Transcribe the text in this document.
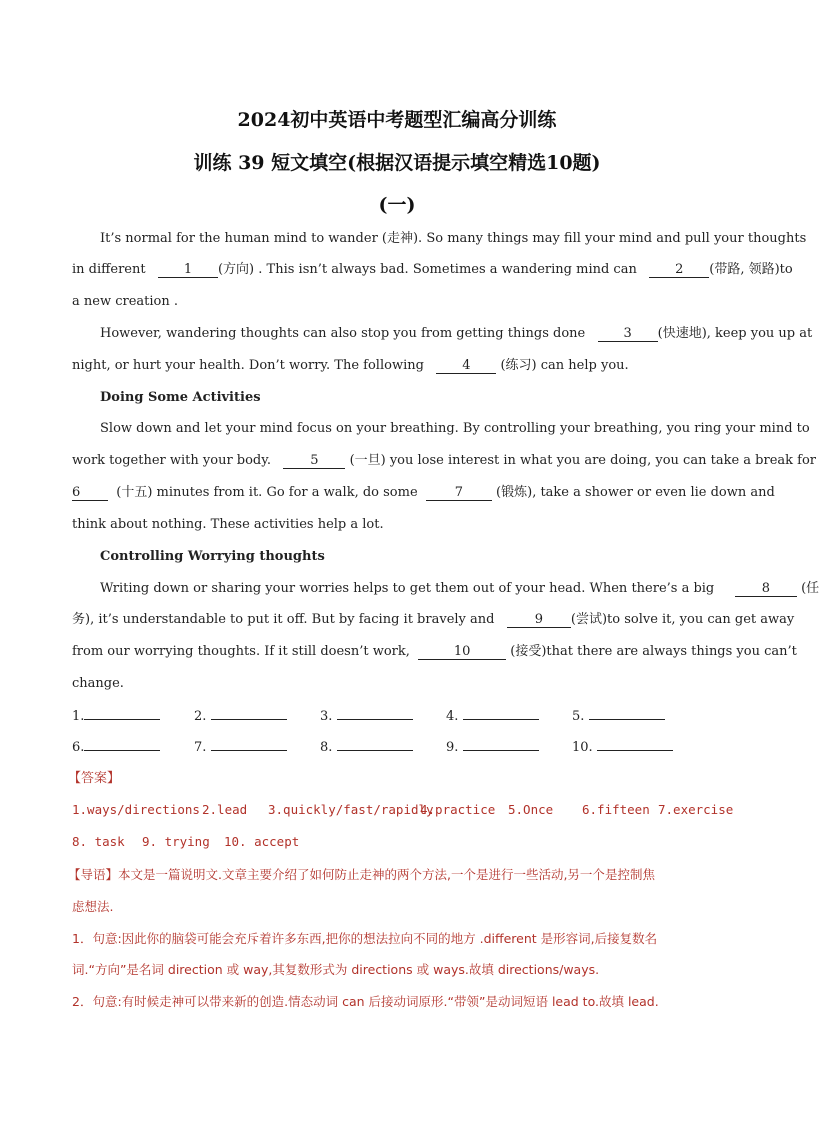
2024初中英语中考题型汇编高分训练
训练 39 短文填空(根据汉语提示填空精选10题)
(一)
It’s normal for the human mind to wander (走神). So many things may fill your mind and pull your thoughts
in different	1 (方向) . This isn’t always bad. Sometimes a wandering mind can	2 (带路, 领路)to
a new creation .
However, wandering thoughts can also stop you from getting things done	3 (快速地), keep you up at
night, or hurt your health. Don’t worry. The following	4 (练习) can help you.
Doing Some Activities
Slow down and let your mind focus on your breathing. By controlling your breathing, you ring your mind to
work together with your body.	5 (一旦) you lose interest in what you are doing, you can take a break for
6	(十五) minutes from it. Go for a walk, do some	7	(锻炼), take a shower or even lie down and
think about nothing. These activities help a lot.
Controlling Worrying thoughts
Writing down or sharing your worries helps to get them out of your head. When there’s a big	8 (任
务), it’s understandable to put it off. But by facing it bravely and	9 (尝试)to solve it, you can get away
from our worrying thoughts. If it still doesn’t work,	10	(接受)that there are always things you can’t
change.
1.	2.	3.	4.	5.
6.	7.	8.	9.	10.
【答案】
1.ways/directions 2.lead 3.quickly/fast/rapidly
4.practice 5.Once 6.fifteen 7.exercise
8. task 9. trying 10. accept
【导语】本文是一篇说明文.文章主要介绍了如何防止走神的两个方法,一个是进行一些活动,另一个是控制焦
虑想法.
1．句意:因此你的脑袋可能会充斥着许多东西,把你的想法拉向不同的地方 .different 是形容词,后接复数名
词.“方向”是名词 direction 或 way,其复数形式为 directions 或 ways.故填 directions/ways.
2．句意:有时候走神可以带来新的创造.情态动词 can 后接动词原形.“带领”是动词短语 lead to.故填 lead.
